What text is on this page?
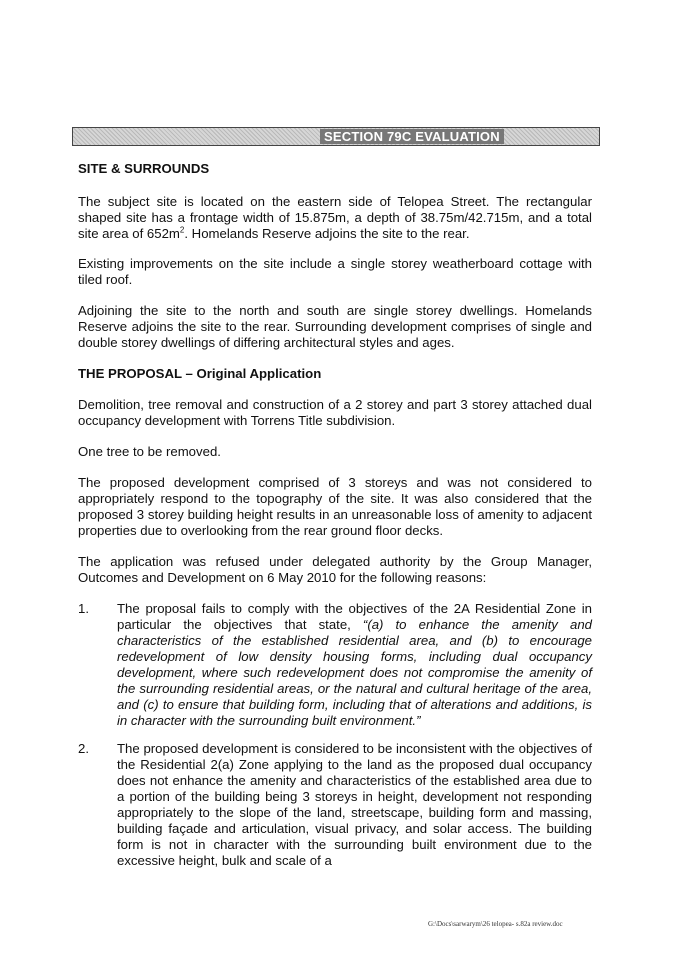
SECTION 79C EVALUATION

SITE & SURROUNDS

The subject site is located on the eastern side of Telopea Street. The rectangular shaped site has a frontage width of 15.875m, a depth of 38.75m/42.715m, and a total site area of $652m^2$. Homelands Reserve adjoins the site to the rear.

Existing improvements on the site include a single storey weatherboard cottage with tiled roof.

Adjoining the site to the north and south are single storey dwellings. Homelands Reserve adjoins the site to the rear. Surrounding development comprises of single and double storey dwellings of differing architectural styles and ages.

THE PROPOSAL – Original Application

Demolition, tree removal and construction of a 2 storey and part 3 storey attached dual occupancy development with Torrens Title subdivision.

One tree to be removed.

The proposed development comprised of 3 storeys and was not considered to appropriately respond to the topography of the site. It was also considered that the proposed 3 storey building height results in an unreasonable loss of amenity to adjacent properties due to overlooking from the rear ground floor decks.

The application was refused under delegated authority by the Group Manager, Outcomes and Development on 6 May 2010 for the following reasons:

1. The proposal fails to comply with the objectives of the 2A Residential Zone in particular the objectives that state, “(a) to enhance the amenity and characteristics of the established residential area, and (b) to encourage redevelopment of low density housing forms, including dual occupancy development, where such redevelopment does not compromise the amenity of the surrounding residential areas, or the natural and cultural heritage of the area, and (c) to ensure that building form, including that of alterations and additions, is in character with the surrounding built environment.”

2. The proposed development is considered to be inconsistent with the objectives of the Residential 2(a) Zone applying to the land as the proposed dual occupancy does not enhance the amenity and characteristics of the established area due to a portion of the building being 3 storeys in height, development not responding appropriately to the slope of the land, streetscape, building form and massing, building façade and articulation, visual privacy, and solar access. The building form is not in character with the surrounding built environment due to the excessive height, bulk and scale of a

G:\Docs\sarwarym\26 telopea- s.82a review.doc
